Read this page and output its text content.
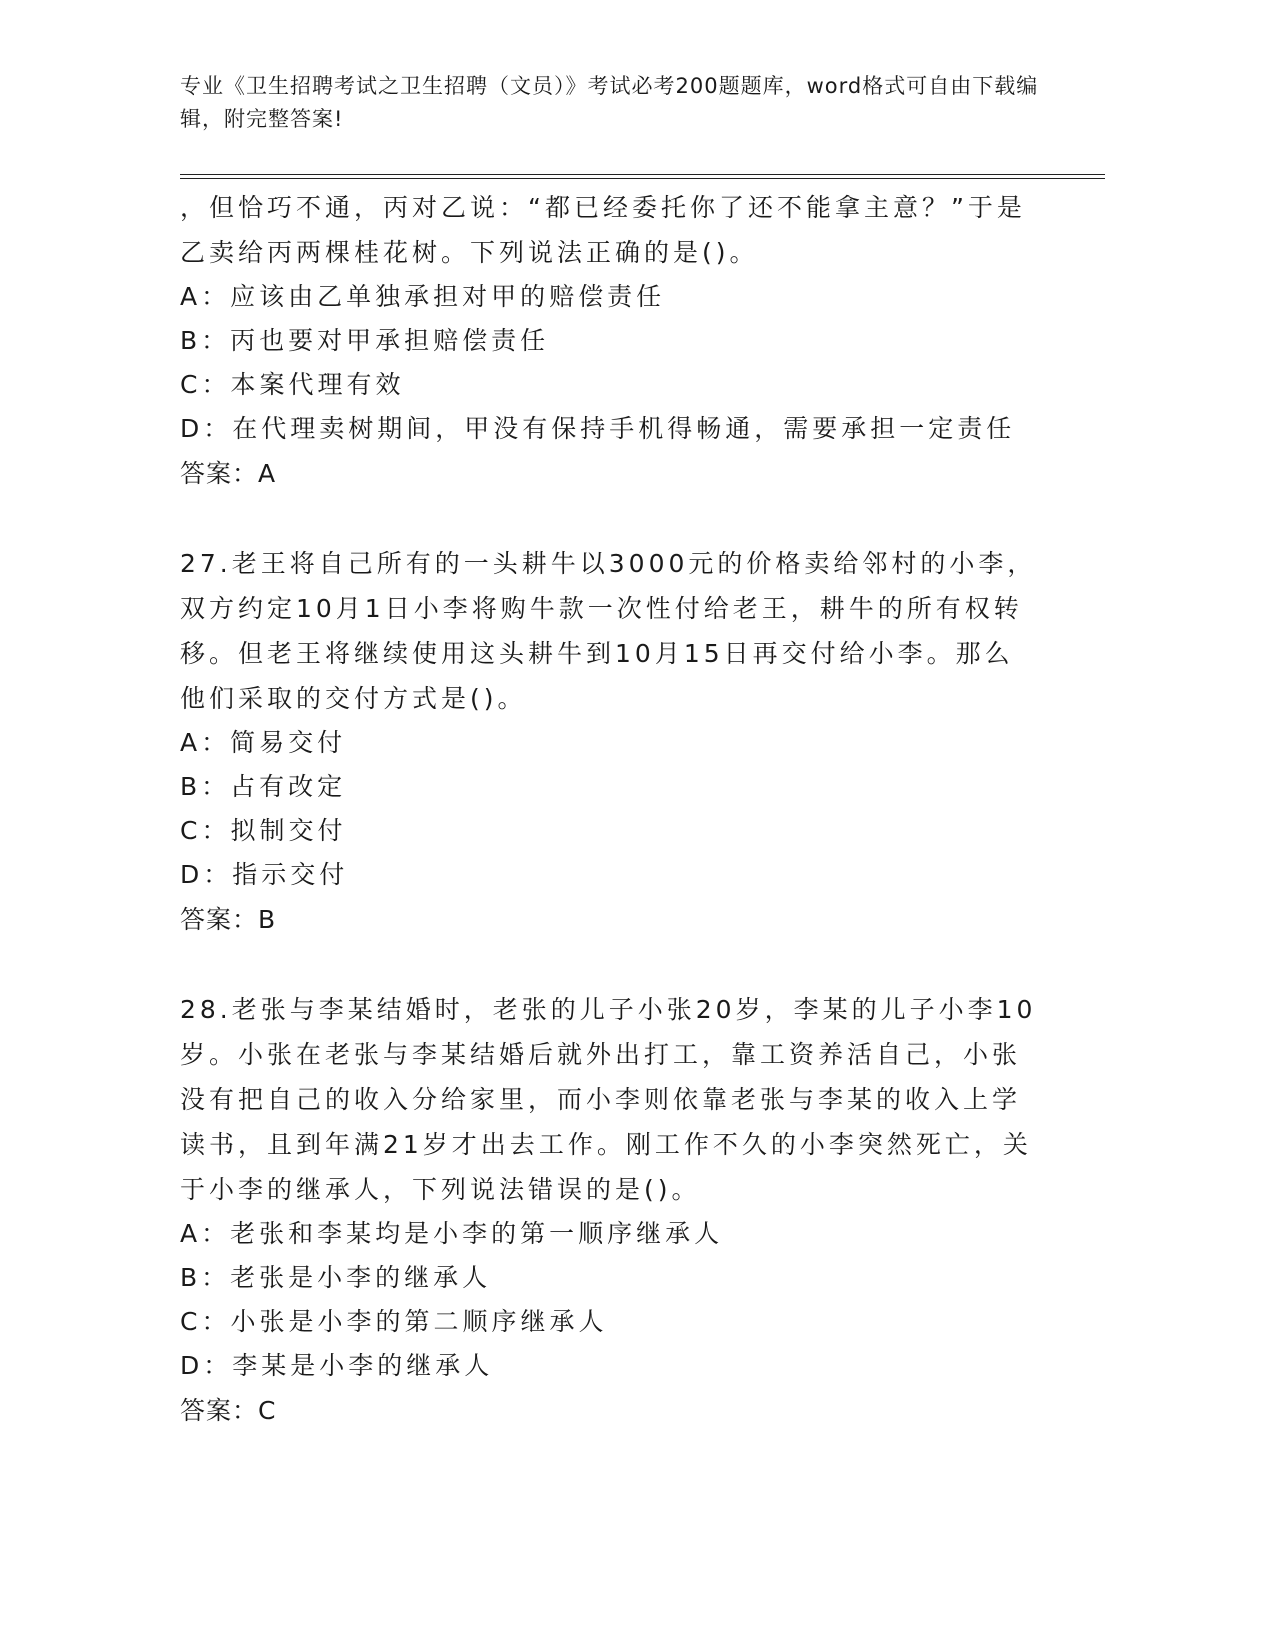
专业《卫生招聘考试之卫生招聘（文员）》考试必考200题题库，word格式可自由下载编辑，附完整答案!
，但恰巧不通，丙对乙说：“都已经委托你了还不能拿主意？”于是乙卖给丙两棵桂花树。下列说法正确的是()。
A：应该由乙单独承担对甲的赔偿责任
B：丙也要对甲承担赔偿责任
C：本案代理有效
D：在代理卖树期间，甲没有保持手机得畅通，需要承担一定责任
答案：A
27.老王将自己所有的一头耕牛以3000元的价格卖给邻村的小李，双方约定10月1日小李将购牛款一次性付给老王，耕牛的所有权转移。但老王将继续使用这头耕牛到10月15日再交付给小李。那么他们采取的交付方式是()。
A：简易交付
B：占有改定
C：拟制交付
D：指示交付
答案：B
28.老张与李某结婚时，老张的儿子小张20岁，李某的儿子小李10岁。小张在老张与李某结婚后就外出打工，靠工资养活自己，小张没有把自己的收入分给家里，而小李则依靠老张与李某的收入上学读书，且到年满21岁才出去工作。刚工作不久的小李突然死亡，关于小李的继承人，下列说法错误的是()。
A：老张和李某均是小李的第一顺序继承人
B：老张是小李的继承人
C：小张是小李的第二顺序继承人
D：李某是小李的继承人
答案：C
